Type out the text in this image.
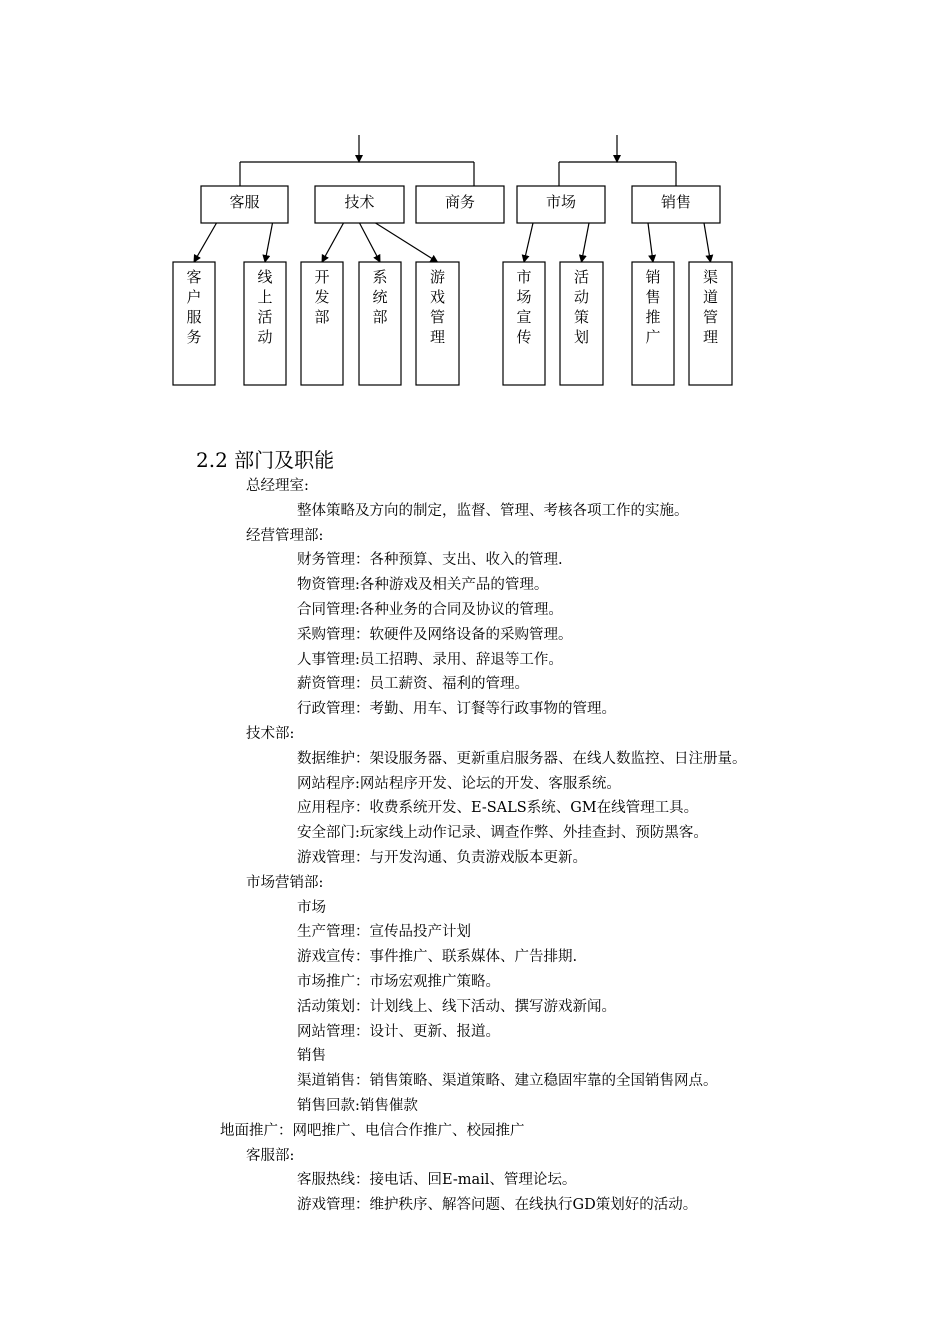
客服
客户服务
线上活动
技术
开发部
系统部
游戏管理
商务	市场
市场宣传
活动策划
销售
销售推广
渠道管理
2.2 部门及职能
总经理室:
整体策略及方向的制定，监督、管理、考核各项工作的实施。
经营管理部:
财务管理：各种预算、支出、收入的管理.
物资管理:各种游戏及相关产品的管理。
合同管理:各种业务的合同及协议的管理。
采购管理：软硬件及网络设备的采购管理。
人事管理:员工招聘、录用、辞退等工作。
薪资管理：员工薪资、福利的管理。
行政管理：考勤、用车、订餐等行政事物的管理。
技术部:
数据维护：架设服务器、更新重启服务器、在线人数监控、日注册量。
网站程序:网站程序开发、论坛的开发、客服系统。
应用程序：收费系统开发、E-SALS系统、GM在线管理工具。
安全部门:玩家线上动作记录、调查作弊、外挂查封、预防黑客。
游戏管理：与开发沟通、负责游戏版本更新。
市场营销部:
市场
生产管理：宣传品投产计划
游戏宣传：事件推广、联系媒体、广告排期.
市场推广：市场宏观推广策略。
活动策划：计划线上、线下活动、撰写游戏新闻。
网站管理：设计、更新、报道。
销售
渠道销售：销售策略、渠道策略、建立稳固牢靠的全国销售网点。
销售回款:销售催款
地面推广：网吧推广、电信合作推广、校园推广
客服部:
客服热线：接电话、回E-mail、管理论坛。
游戏管理：维护秩序、解答问题、在线执行GD策划好的活动。
